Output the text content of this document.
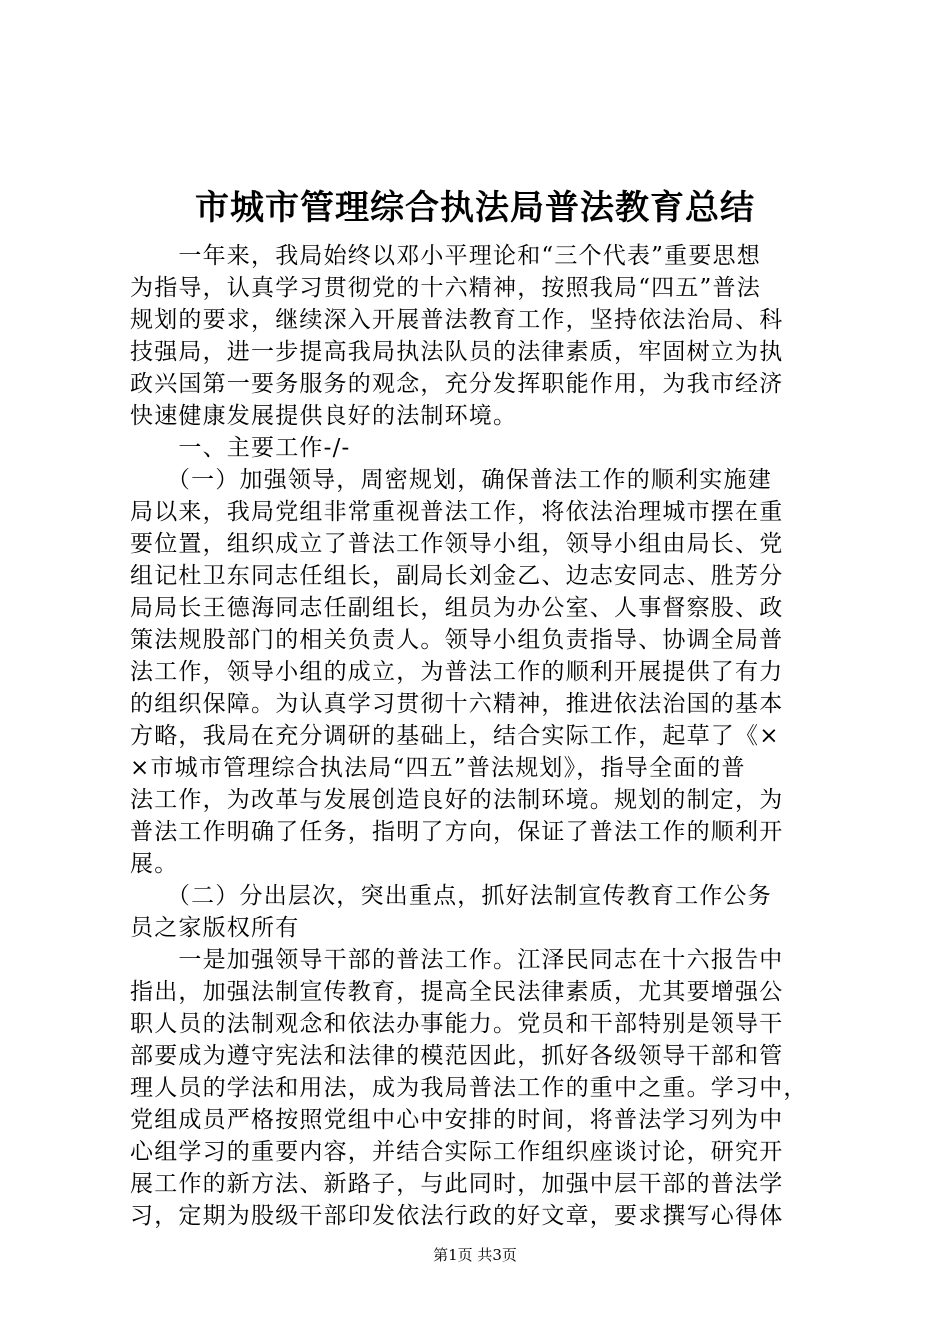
市城市管理综合执法局普法教育总结
　　一年来，我局始终以邓小平理论和“三个代表”重要思想
为指导，认真学习贯彻党的十六精神，按照我局“四五”普法
规划的要求，继续深入开展普法教育工作，坚持依法治局、科
技强局，进一步提高我局执法队员的法律素质，牢固树立为执
政兴国第一要务服务的观念，充分发挥职能作用，为我市经济
快速健康发展提供良好的法制环境。
　　一、主要工作-/-
　　（一）加强领导，周密规划，确保普法工作的顺利实施建
局以来，我局党组非常重视普法工作，将依法治理城市摆在重
要位置，组织成立了普法工作领导小组，领导小组由局长、党
组记杜卫东同志任组长，副局长刘金乙、边志安同志、胜芳分
局局长王德海同志任副组长，组员为办公室、人事督察股、政
策法规股部门的相关负责人。领导小组负责指导、协调全局普
法工作，领导小组的成立，为普法工作的顺利开展提供了有力
的组织保障。为认真学习贯彻十六精神，推进依法治国的基本
方略，我局在充分调研的基础上，结合实际工作，起草了《×
×市城市管理综合执法局“四五”普法规划》，指导全面的普
法工作，为改革与发展创造良好的法制环境。规划的制定，为
普法工作明确了任务，指明了方向，保证了普法工作的顺利开
展。
　　（二）分出层次，突出重点，抓好法制宣传教育工作公务
员之家版权所有
　　一是加强领导干部的普法工作。江泽民同志在十六报告中
指出，加强法制宣传教育，提高全民法律素质，尤其要增强公
职人员的法制观念和依法办事能力。党员和干部特别是领导干
部要成为遵守宪法和法律的模范因此，抓好各级领导干部和管
理人员的学法和用法，成为我局普法工作的重中之重。学习中，
党组成员严格按照党组中心中安排的时间，将普法学习列为中
心组学习的重要内容，并结合实际工作组织座谈讨论，研究开
展工作的新方法、新路子，与此同时，加强中层干部的普法学
习，定期为股级干部印发依法行政的好文章，要求撰写心得体
第1页 共3页
